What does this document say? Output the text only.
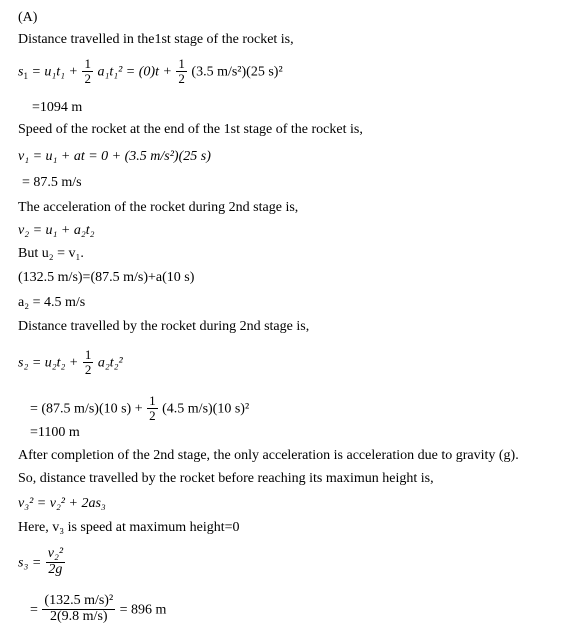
(A)
Distance travelled in the1st stage of the rocket is,
$s_1 = u_1t_1 + \frac{1}{2} a_1t_1^2 = (0)t + \frac{1}{2} (3.5$ m/s²)(25 s)²
=1094 m
Speed of the rocket at the end of the 1st stage of the rocket is,
v₁ = u₁ + at = 0 + (3.5 m/s²)(25 s)
= 87.5 m/s
The acceleration of the rocket during 2nd stage is,
v₂ = u₁ + a₂t₂
But u₂ = v₁.
(132.5 m/s)=(87.5 m/s)+a(10 s)
a₂ = 4.5 m/s
Distance travelled by the rocket during 2nd stage is,
$s_2 = u_2t_2 + \frac{1}{2} a_2t_2^2$
= (87.5 m/s)(10 $s) + \frac{1}{2} (4.5$ m/s)(10 s)²
=1100 m
After completion of the 2nd stage, the only acceleration is acceleration due to gravity (g).
So, distance travelled by the rocket before reaching its maximun height is,
v₃² = v₂² + 2as₃
Here, v₃ is speed at maximum height=0
$s_3 = \frac{\text{v₂²}}{2g}$
= $\frac{\text{(132.5 m/s)²}}{2(9.8 m/s)} = 896$ m
